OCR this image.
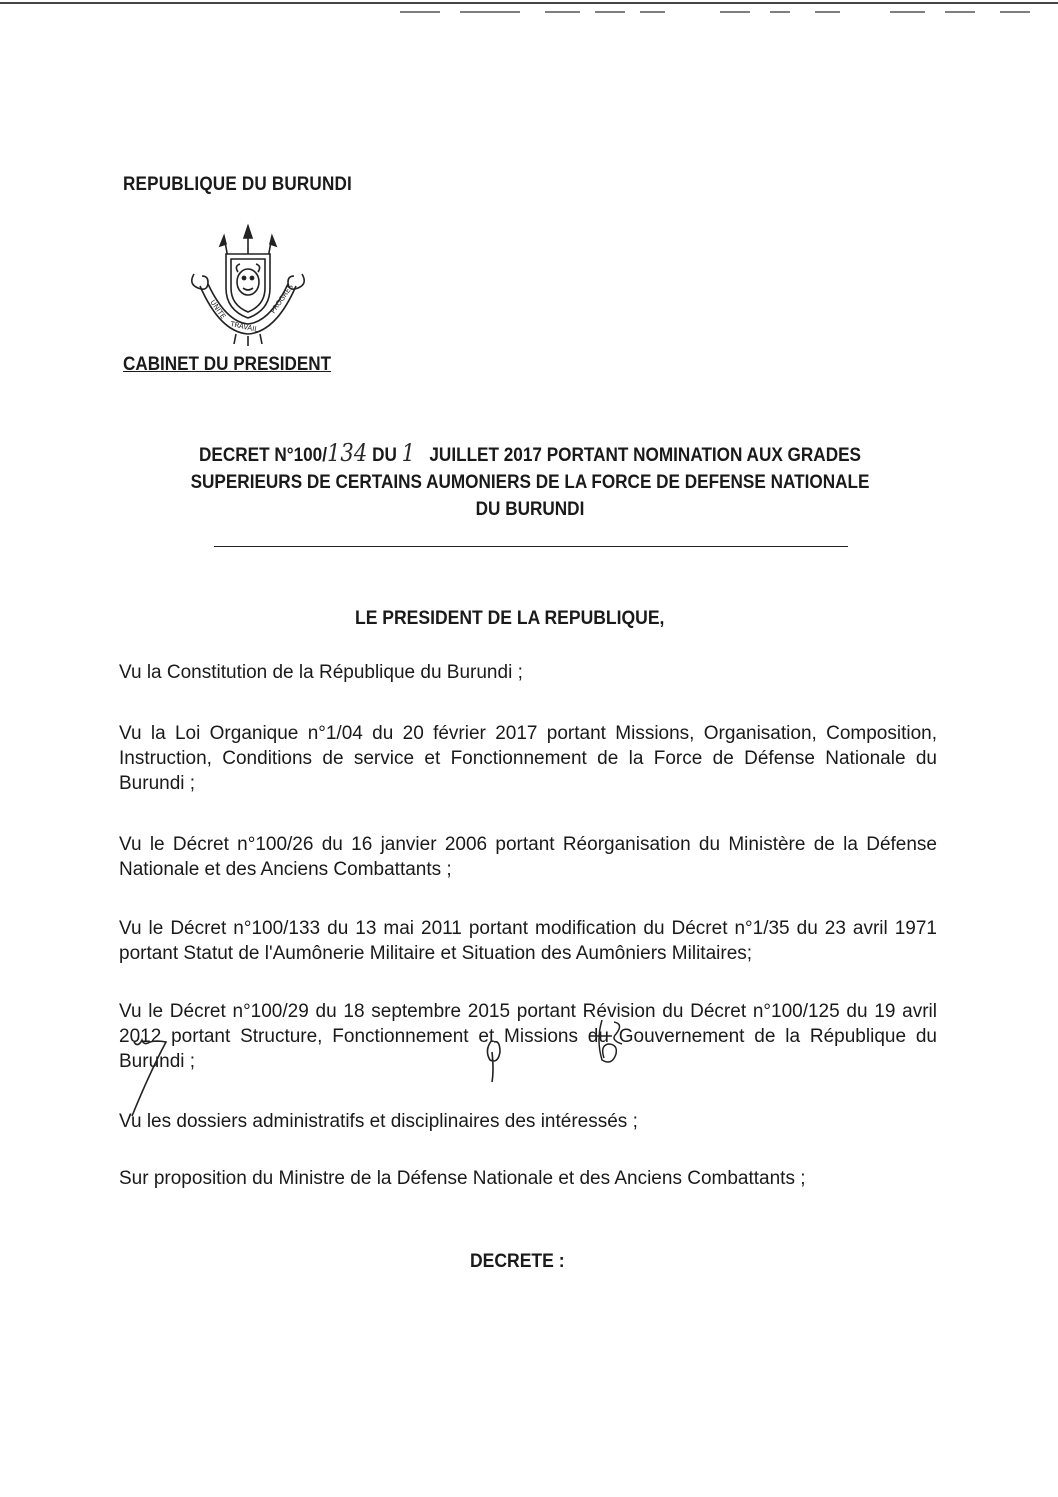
REPUBLIQUE DU BURUNDI
UNITE
TRAVAIL
PROGRES
CABINET DU PRESIDENT
DECRET N°100/134 DU 1 JUILLET 2017 PORTANT NOMINATION AUX GRADES
SUPERIEURS DE CERTAINS AUMONIERS DE LA FORCE DE DEFENSE NATIONALE
DU BURUNDI
LE PRESIDENT DE LA REPUBLIQUE,
Vu la Constitution de la République du Burundi ;
Vu la Loi Organique n°1/04 du 20 février 2017 portant Missions, Organisation, Composition, Instruction, Conditions de service et Fonctionnement de la Force de Défense Nationale du Burundi ;
Vu le Décret n°100/26 du 16 janvier 2006 portant Réorganisation du Ministère de la Défense Nationale et des Anciens Combattants ;
Vu le Décret n°100/133 du 13 mai 2011 portant modification du Décret n°1/35 du 23 avril 1971 portant Statut de l'Aumônerie Militaire et Situation des Aumôniers Militaires;
Vu le Décret n°100/29 du 18 septembre 2015 portant Révision du Décret n°100/125 du 19 avril 2012 portant Structure, Fonctionnement et Missions du Gouvernement de la République du Burundi ;
Vu les dossiers administratifs et disciplinaires des intéressés ;
Sur proposition du Ministre de la Défense Nationale et des Anciens Combattants ;
DECRETE :
